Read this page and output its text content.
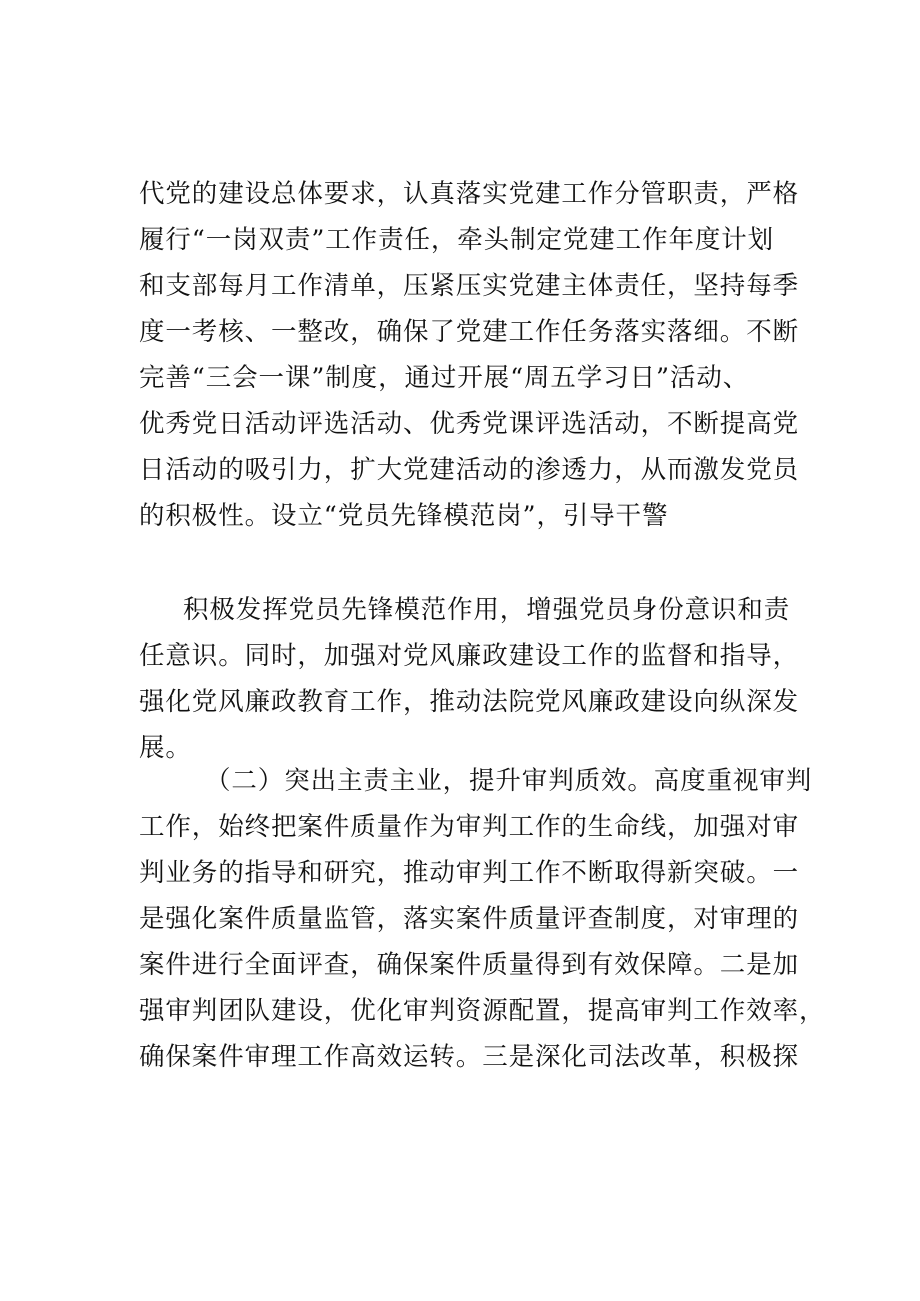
代党的建设总体要求，认真落实党建工作分管职责，严格
履行“一岗双责”工作责任，牵头制定党建工作年度计划
和支部每月工作清单，压紧压实党建主体责任，坚持每季
度一考核、一整改，确保了党建工作任务落实落细。不断
完善“三会一课”制度，通过开展“周五学习日”活动、
优秀党日活动评选活动、优秀党课评选活动，不断提高党
日活动的吸引力，扩大党建活动的渗透力，从而激发党员
的积极性。设立“党员先锋模范岗”，引导干警
积极发挥党员先锋模范作用，增强党员身份意识和责
任意识。同时，加强对党风廉政建设工作的监督和指导，
强化党风廉政教育工作，推动法院党风廉政建设向纵深发
展。
（二）突出主责主业，提升审判质效。高度重视审判
工作，始终把案件质量作为审判工作的生命线，加强对审
判业务的指导和研究，推动审判工作不断取得新突破。一
是强化案件质量监管，落实案件质量评查制度，对审理的
案件进行全面评查，确保案件质量得到有效保障。二是加
强审判团队建设，优化审判资源配置，提高审判工作效率，
确保案件审理工作高效运转。三是深化司法改革，积极探
